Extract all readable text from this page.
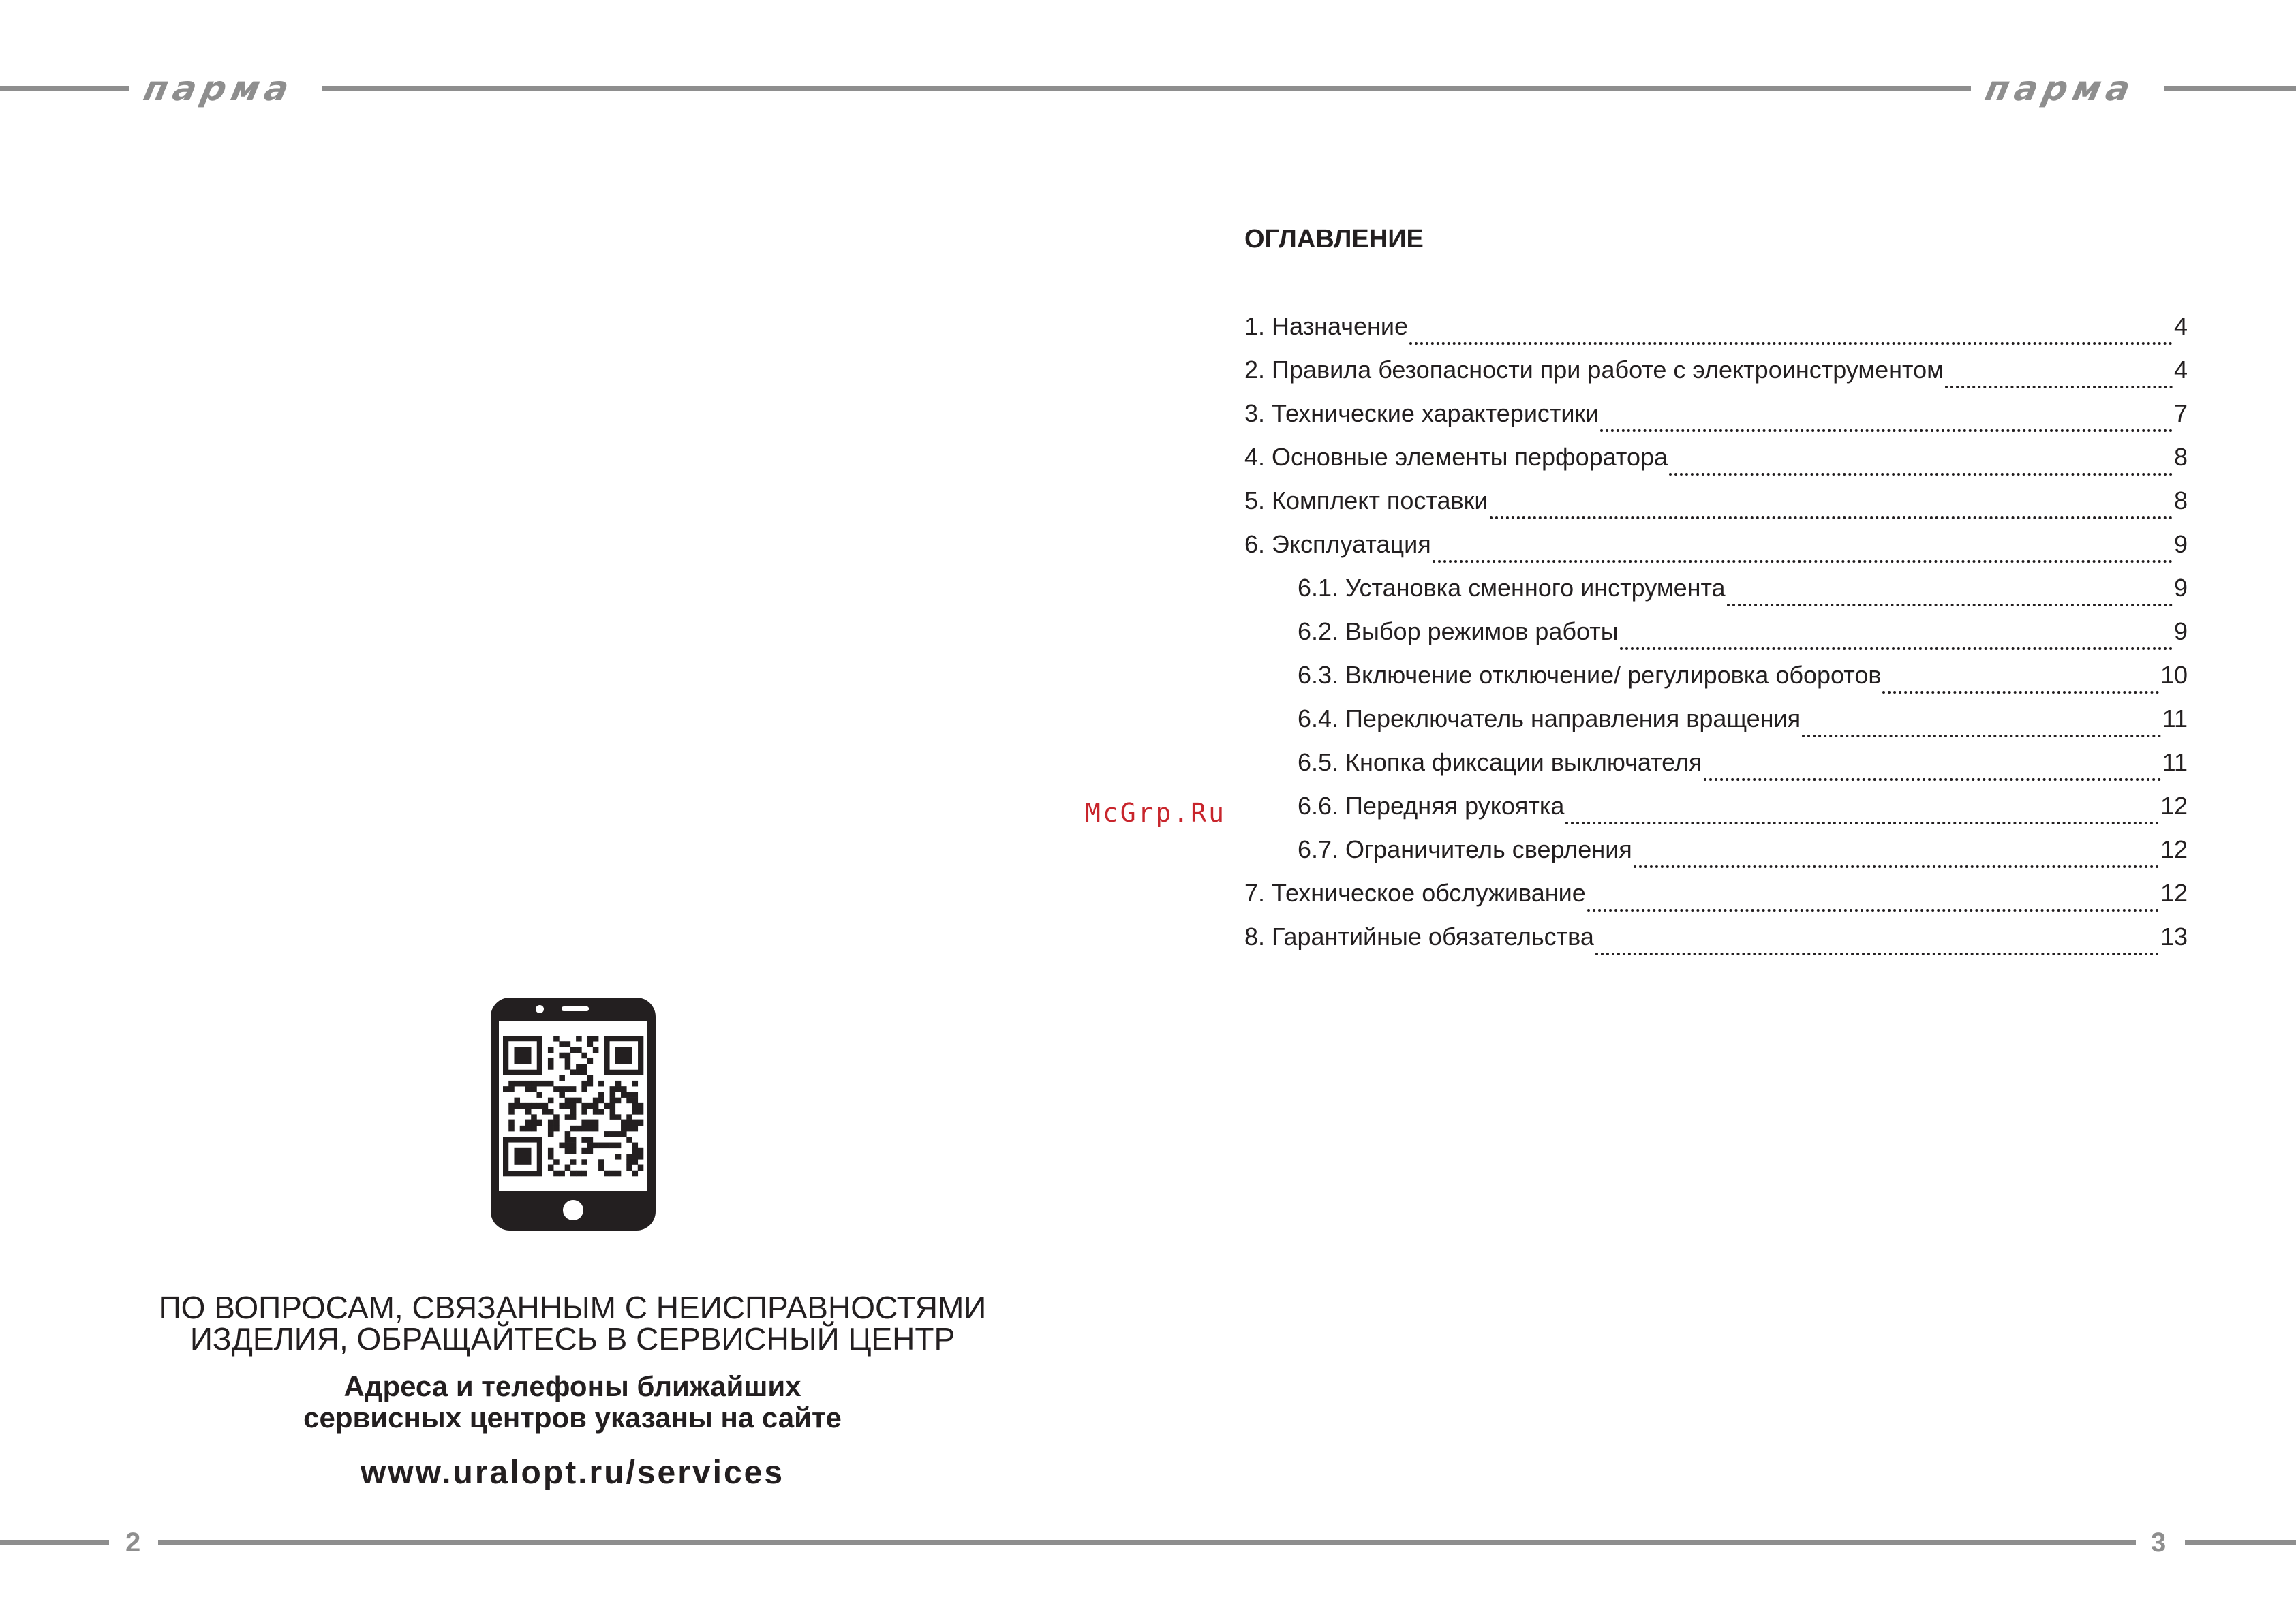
парма	парма
2	3
ОГЛАВЛЕНИЕ
1. Назначение	4
2. Правила безопасности при работе с электроинструментом	4
3. Технические характеристики	7
4. Основные элементы перфоратора	8
5. Комплект поставки	8
6. Эксплуатация	9
6.1. Установка сменного инструмента	9
6.2. Выбор режимов работы	9
6.3. Включение отключение/ регулировка оборотов	10
6.4. Переключатель направления вращения	11
6.5. Кнопка фиксации выключателя	11
6.6. Передняя рукоятка	12
6.7. Ограничитель сверления	12
7. Техническое обслуживание	12
8. Гарантийные обязательства	13
McGrp.Ru
ПО ВОПРОСАМ, СВЯЗАННЫМ С НЕИСПРАВНОСТЯМИ
ИЗДЕЛИЯ, ОБРАЩАЙТЕСЬ В СЕРВИСНЫЙ ЦЕНТР
Адреса и телефоны ближайших
сервисных центров указаны на сайте
www.uralopt.ru/services
